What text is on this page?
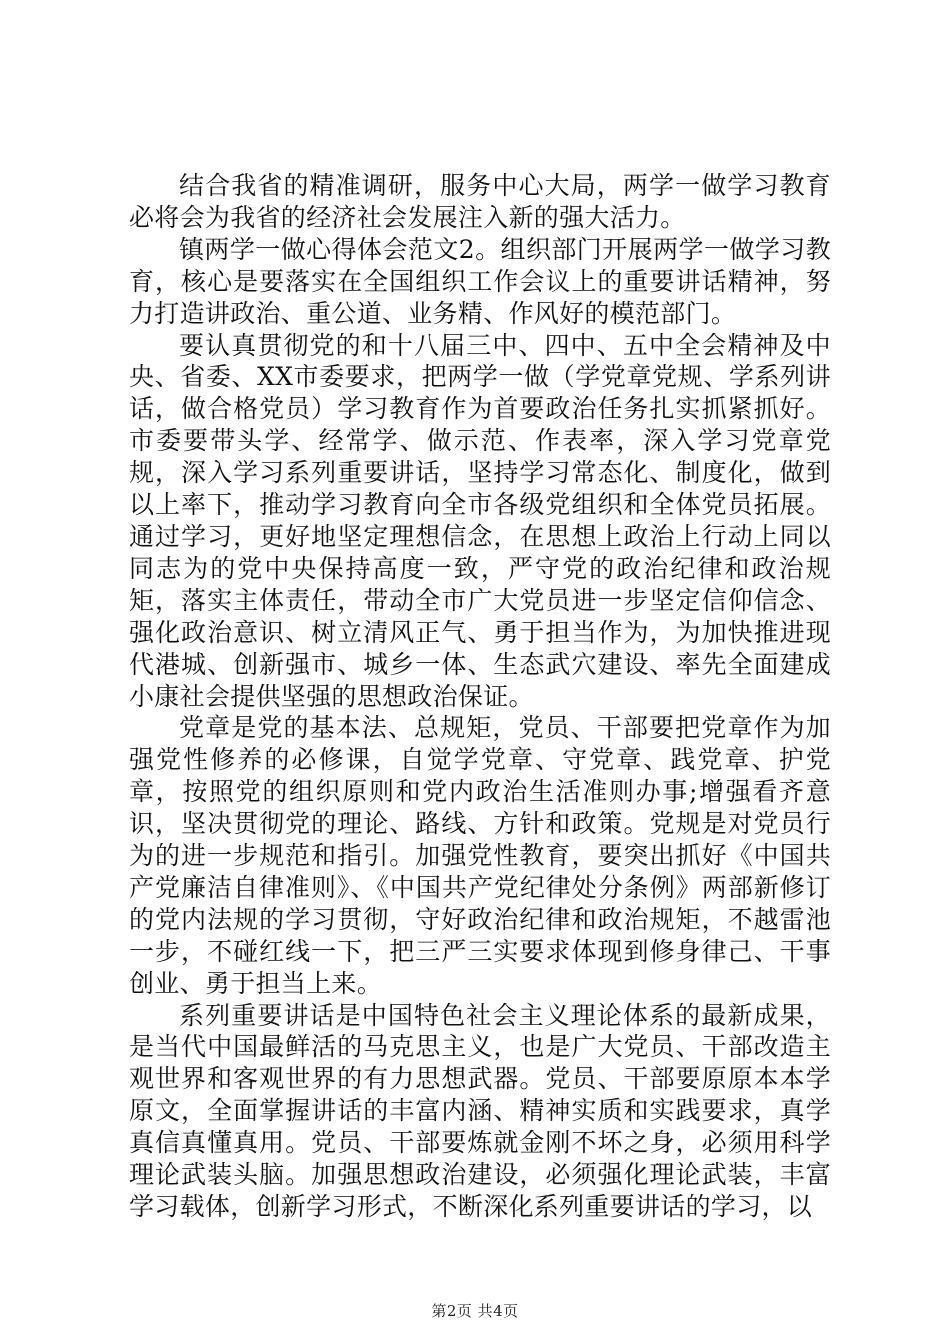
结合我省的精准调研，服务中心大局，两学一做学习教育必将会为我省的经济社会发展注入新的强大活力。

镇两学一做心得体会范文2。组织部门开展两学一做学习教育，核心是要落实在全国组织工作会议上的重要讲话精神，努力打造讲政治、重公道、业务精、作风好的模范部门。

要认真贯彻党的和十八届三中、四中、五中全会精神及中央、省委、XX市委要求，把两学一做（学党章党规、学系列讲话，做合格党员）学习教育作为首要政治任务扎实抓紧抓好。市委要带头学、经常学、做示范、作表率，深入学习党章党规，深入学习系列重要讲话，坚持学习常态化、制度化，做到以上率下，推动学习教育向全市各级党组织和全体党员拓展。通过学习，更好地坚定理想信念，在思想上政治上行动上同以同志为的党中央保持高度一致，严守党的政治纪律和政治规矩，落实主体责任，带动全市广大党员进一步坚定信仰信念、强化政治意识、树立清风正气、勇于担当作为，为加快推进现代港城、创新强市、城乡一体、生态武穴建设、率先全面建成小康社会提供坚强的思想政治保证。

党章是党的基本法、总规矩，党员、干部要把党章作为加强党性修养的必修课，自觉学党章、守党章、践党章、护党章，按照党的组织原则和党内政治生活准则办事;增强看齐意识，坚决贯彻党的理论、路线、方针和政策。党规是对党员行为的进一步规范和指引。加强党性教育，要突出抓好《中国共产党廉洁自律准则》、《中国共产党纪律处分条例》两部新修订的党内法规的学习贯彻，守好政治纪律和政治规矩，不越雷池一步，不碰红线一下，把三严三实要求体现到修身律己、干事创业、勇于担当上来。

系列重要讲话是中国特色社会主义理论体系的最新成果，是当代中国最鲜活的马克思主义，也是广大党员、干部改造主观世界和客观世界的有力思想武器。党员、干部要原原本本学原文，全面掌握讲话的丰富内涵、精神实质和实践要求，真学真信真懂真用。党员、干部要炼就金刚不坏之身，必须用科学理论武装头脑。加强思想政治建设，必须强化理论武装，丰富学习载体，创新学习形式，不断深化系列重要讲话的学习，以

第2页 共4页
